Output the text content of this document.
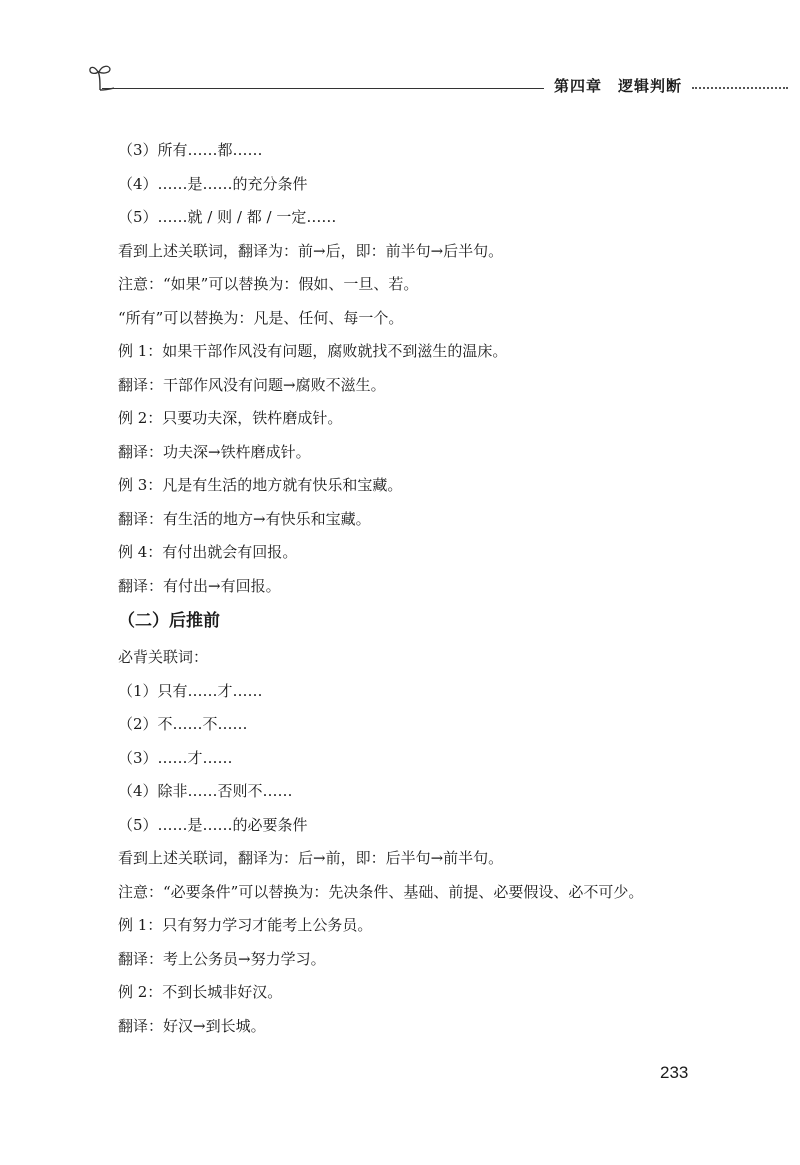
第四章　逻辑判断
（3）所有……都……
（4）……是……的充分条件
（5）……就 / 则 / 都 / 一定……
看到上述关联词，翻译为：前→后，即：前半句→后半句。
注意：“如果”可以替换为：假如、一旦、若。
“所有”可以替换为：凡是、任何、每一个。
例 1：如果干部作风没有问题，腐败就找不到滋生的温床。
翻译：干部作风没有问题→腐败不滋生。
例 2：只要功夫深，铁杵磨成针。
翻译：功夫深→铁杵磨成针。
例 3：凡是有生活的地方就有快乐和宝藏。
翻译：有生活的地方→有快乐和宝藏。
例 4：有付出就会有回报。
翻译：有付出→有回报。
（二）后推前
必背关联词：
（1）只有……才……
（2）不……不……
（3）……才……
（4）除非……否则不……
（5）……是……的必要条件
看到上述关联词，翻译为：后→前，即：后半句→前半句。
注意：“必要条件”可以替换为：先决条件、基础、前提、必要假设、必不可少。
例 1：只有努力学习才能考上公务员。
翻译：考上公务员→努力学习。
例 2：不到长城非好汉。
翻译：好汉→到长城。
233
